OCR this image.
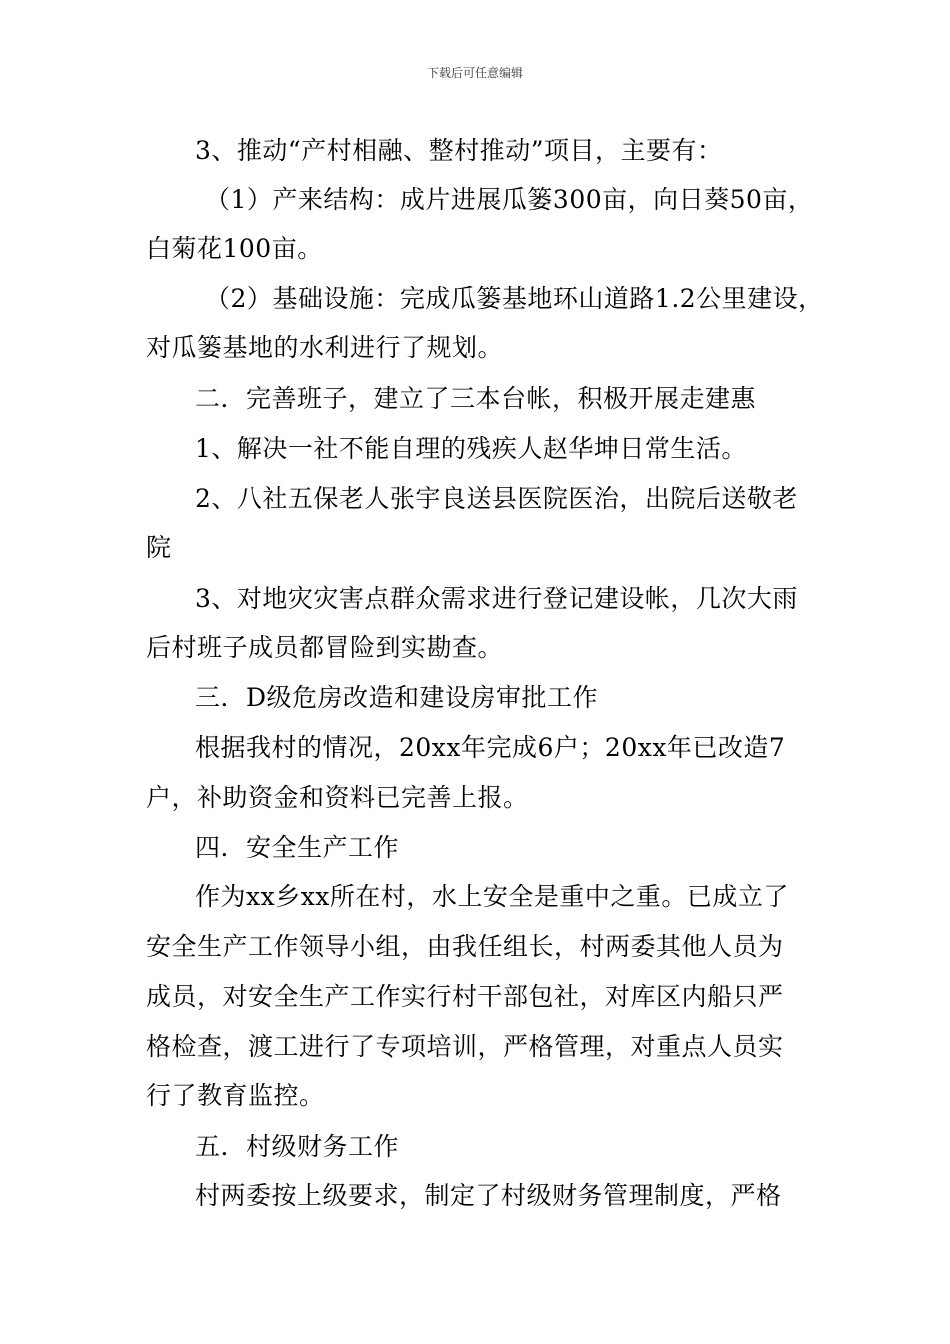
下载后可任意编辑
3、推动“产村相融、整村推动”项目，主要有：
（1）产来结构：成片进展瓜篓300亩，向日葵50亩，
白菊花100亩。
（2）基础设施：完成瓜篓基地环山道路1.2公里建设，
对瓜篓基地的水利进行了规划。
二．完善班子，建立了三本台帐，积极开展走建惠
1、解决一社不能自理的残疾人赵华坤日常生活。
2、八社五保老人张宇良送县医院医治，出院后送敬老
院
3、对地灾灾害点群众需求进行登记建设帐，几次大雨
后村班子成员都冒险到实勘查。
三．D级危房改造和建设房审批工作
根据我村的情况，20xx年完成6户；20xx年已改造7
户，补助资金和资料已完善上报。
四．安全生产工作
作为xx乡xx所在村，水上安全是重中之重。已成立了
安全生产工作领导小组，由我任组长，村两委其他人员为
成员，对安全生产工作实行村干部包社，对库区内船只严
格检查，渡工进行了专项培训，严格管理，对重点人员实
行了教育监控。
五．村级财务工作
村两委按上级要求，制定了村级财务管理制度，严格
